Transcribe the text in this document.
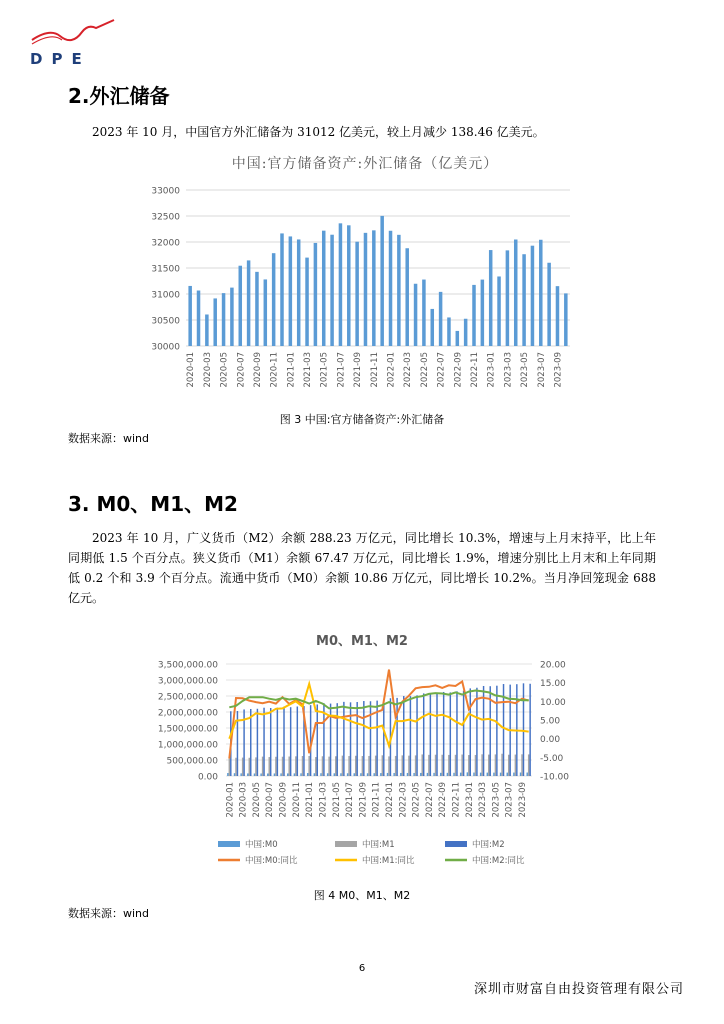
DPE
2.外汇储备
2023 年 10 月，中国官方外汇储备为 31012 亿美元，较上月减少 138.46 亿美元。
中国:官方储备资产:外汇储备（亿美元）
30000
30500
31000
31500
32000
32500
33000
2020-01 2020-03 2020-05 2020-07 2020-09 2020-11 2021-01 2021-03 2021-05 2021-07 2021-09 2021-11 2022-01 2022-03 2022-05 2022-07 2022-09 2022-11 2023-01 2023-03 2023-05 2023-07 2023-09
图 3 中国:官方储备资产:外汇储备
数据来源：wind
3. M0、M1、M2
2023 年 10 月，广义货币（M2）余额 288.23 万亿元，同比增长 10.3%，增速与上月末持平，比上年同期低 1.5 个百分点。狭义货币（M1）余额 67.47 万亿元，同比增长 1.9%，增速分别比上月末和上年同期低 0.2 个和 3.9 个百分点。流通中货币（M0）余额 10.86 万亿元，同比增长 10.2%。当月净回笼现金 688 亿元。
M0、M1、M2
0.00
500,000.00
1,000,000.00
1,500,000.00
2,000,000.00
2,500,000.00
3,000,000.00
3,500,000.00
-10.00
-5.00
0.00
5.00
10.00
15.00
20.00
2020-01 2020-03 2020-05 2020-07 2020-09 2020-11 2021-01 2021-03 2021-05 2021-07 2021-09 2021-11 2022-01 2022-03 2022-05 2022-07 2022-09 2022-11 2023-01 2023-03 2023-05 2023-07 2023-09
中国:M0	中国:M1	中国:M2
中国:M0:同比	中国:M1:同比	中国:M2:同比
图 4 M0、M1、M2
数据来源：wind
6
深圳市财富自由投资管理有限公司
